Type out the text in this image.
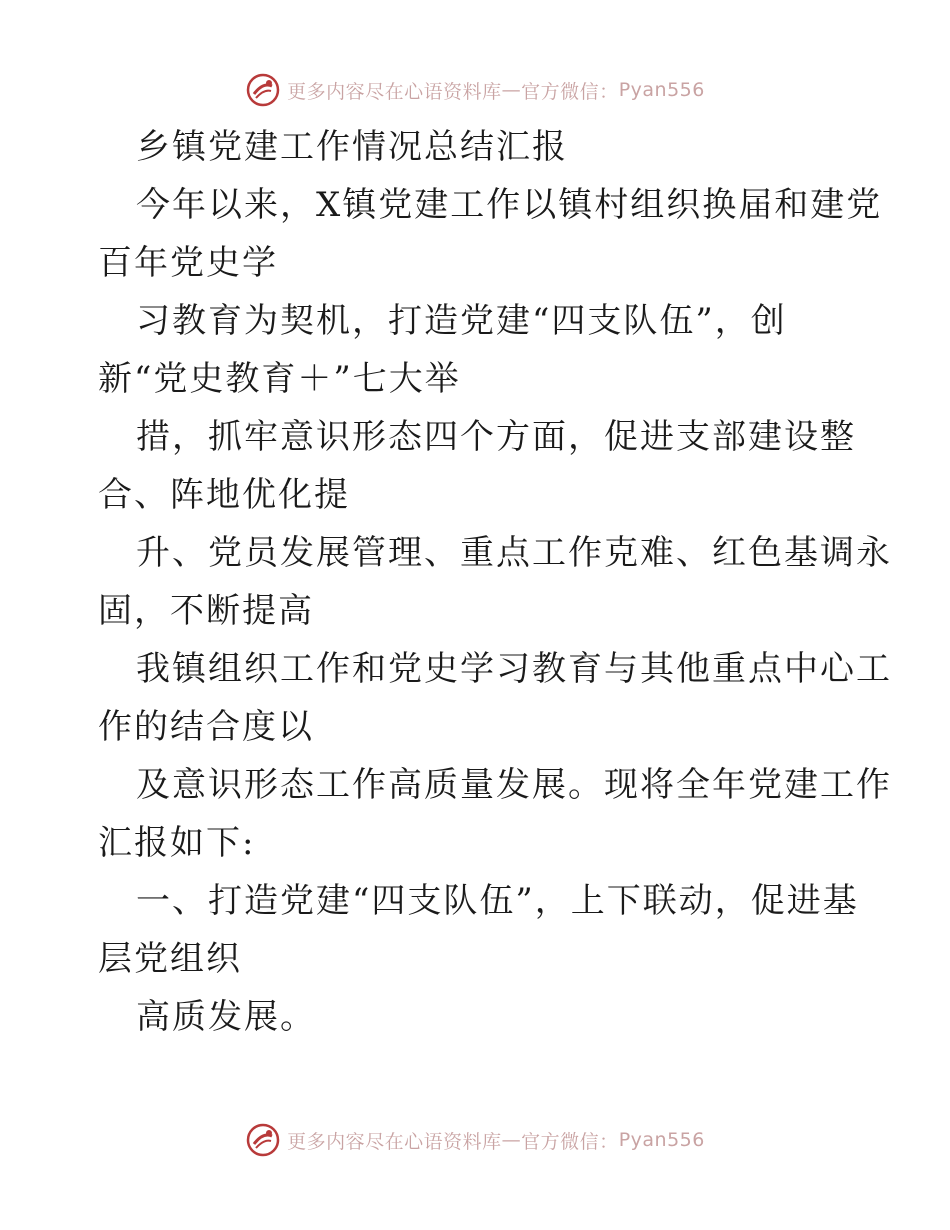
更多内容尽在心语资料库 — 官方微信： Pyan556
乡镇党建工作情况总结汇报
今年以来，X镇党建工作以镇村组织换届和建党
百年党史学
习教育为契机，打造党建“四支队伍”，创
新“党史教育＋”七大举
措，抓牢意识形态四个方面，促进支部建设整
合、阵地优化提
升、党员发展管理、重点工作克难、红色基调永
固，不断提高
我镇组织工作和党史学习教育与其他重点中心工
作的结合度以
及意识形态工作高质量发展。现将全年党建工作
汇报如下:
一、打造党建“四支队伍”，上下联动，促进基
层党组织
高质发展。
更多内容尽在心语资料库 — 官方微信： Pyan556
